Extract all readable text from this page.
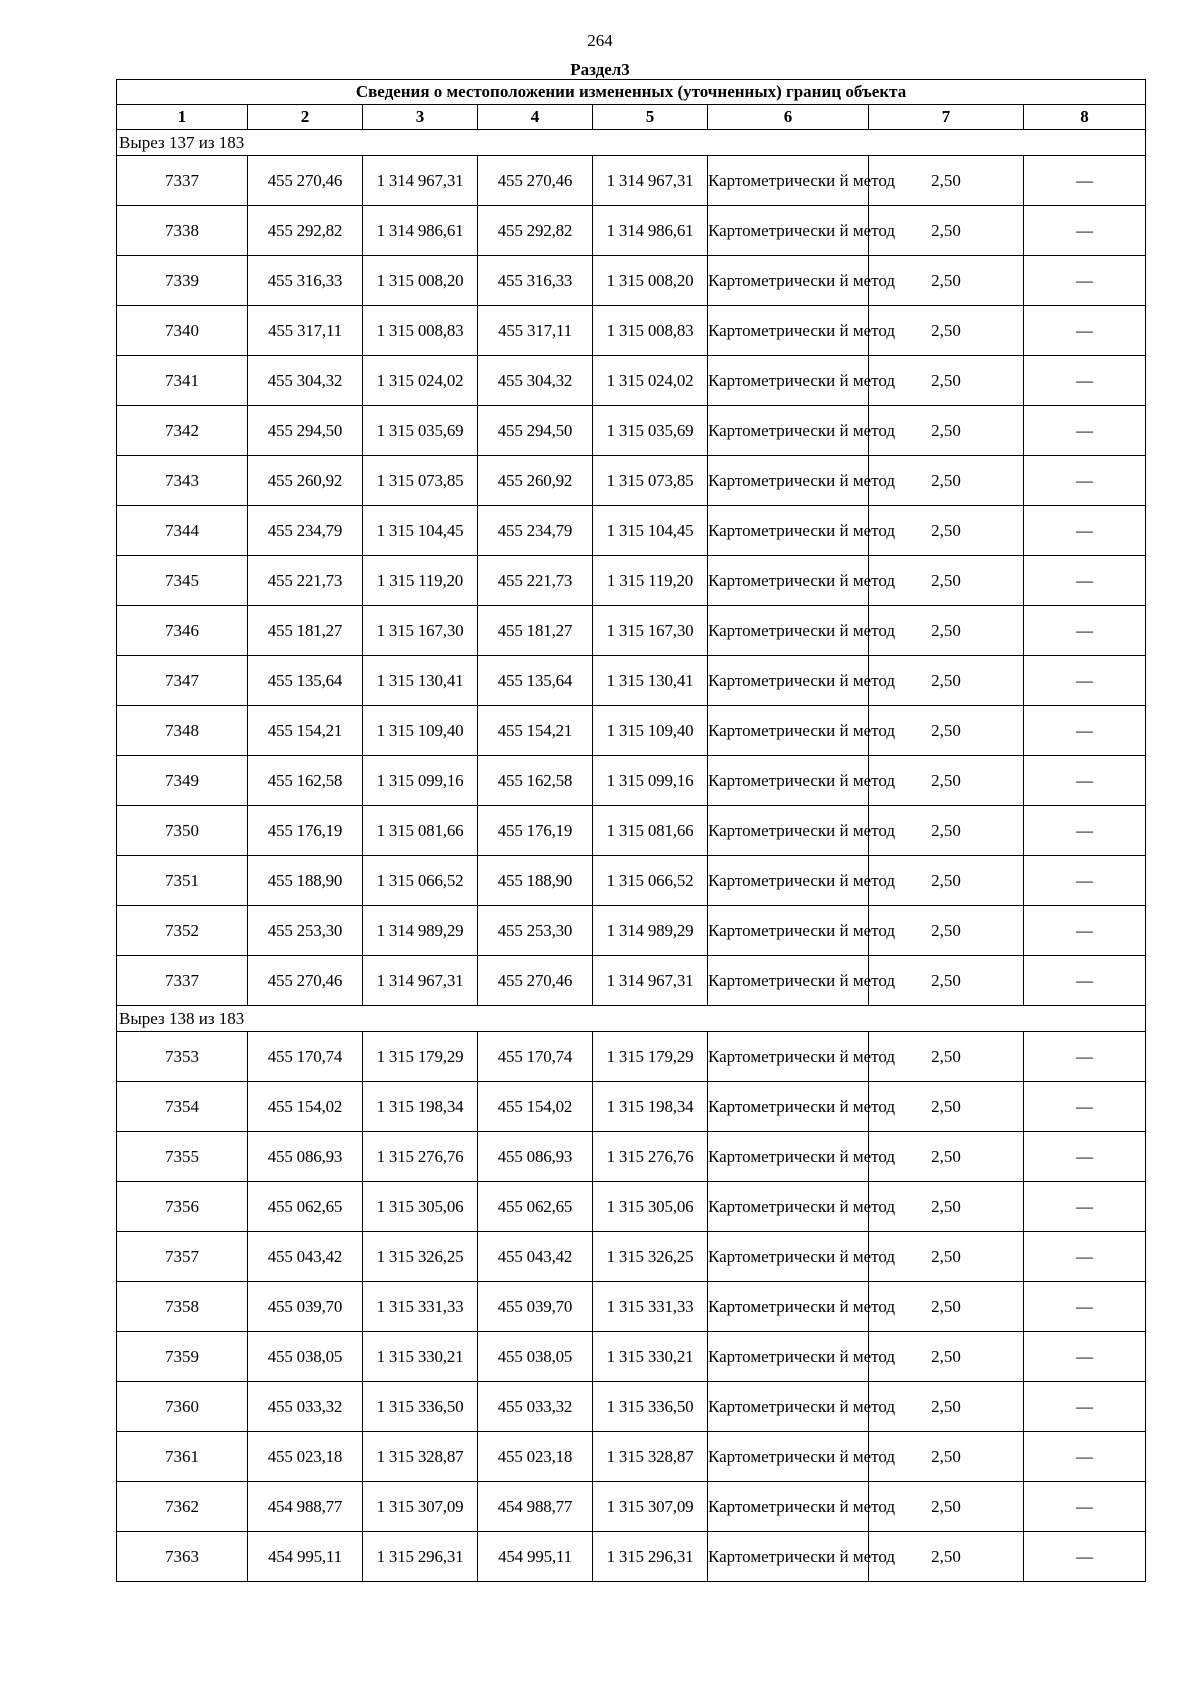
264
Раздел3
Сведения о местоположении измененных (уточненных) границ объекта							
1	2	3	4	5	6	7	8
Вырез 137 из 183							
7337	455 270,46	1 314 967,31	455 270,46	1 314 967,31	Картометрически й метод	2,50	—
7338	455 292,82	1 314 986,61	455 292,82	1 314 986,61	Картометрически й метод	2,50	—
7339	455 316,33	1 315 008,20	455 316,33	1 315 008,20	Картометрически й метод	2,50	—
7340	455 317,11	1 315 008,83	455 317,11	1 315 008,83	Картометрически й метод	2,50	—
7341	455 304,32	1 315 024,02	455 304,32	1 315 024,02	Картометрически й метод	2,50	—
7342	455 294,50	1 315 035,69	455 294,50	1 315 035,69	Картометрически й метод	2,50	—
7343	455 260,92	1 315 073,85	455 260,92	1 315 073,85	Картометрически й метод	2,50	—
7344	455 234,79	1 315 104,45	455 234,79	1 315 104,45	Картометрически й метод	2,50	—
7345	455 221,73	1 315 119,20	455 221,73	1 315 119,20	Картометрически й метод	2,50	—
7346	455 181,27	1 315 167,30	455 181,27	1 315 167,30	Картометрически й метод	2,50	—
7347	455 135,64	1 315 130,41	455 135,64	1 315 130,41	Картометрически й метод	2,50	—
7348	455 154,21	1 315 109,40	455 154,21	1 315 109,40	Картометрически й метод	2,50	—
7349	455 162,58	1 315 099,16	455 162,58	1 315 099,16	Картометрически й метод	2,50	—
7350	455 176,19	1 315 081,66	455 176,19	1 315 081,66	Картометрически й метод	2,50	—
7351	455 188,90	1 315 066,52	455 188,90	1 315 066,52	Картометрически й метод	2,50	—
7352	455 253,30	1 314 989,29	455 253,30	1 314 989,29	Картометрически й метод	2,50	—
7337	455 270,46	1 314 967,31	455 270,46	1 314 967,31	Картометрически й метод	2,50	—
Вырез 138 из 183							
7353	455 170,74	1 315 179,29	455 170,74	1 315 179,29	Картометрически й метод	2,50	—
7354	455 154,02	1 315 198,34	455 154,02	1 315 198,34	Картометрически й метод	2,50	—
7355	455 086,93	1 315 276,76	455 086,93	1 315 276,76	Картометрически й метод	2,50	—
7356	455 062,65	1 315 305,06	455 062,65	1 315 305,06	Картометрически й метод	2,50	—
7357	455 043,42	1 315 326,25	455 043,42	1 315 326,25	Картометрически й метод	2,50	—
7358	455 039,70	1 315 331,33	455 039,70	1 315 331,33	Картометрически й метод	2,50	—
7359	455 038,05	1 315 330,21	455 038,05	1 315 330,21	Картометрически й метод	2,50	—
7360	455 033,32	1 315 336,50	455 033,32	1 315 336,50	Картометрически й метод	2,50	—
7361	455 023,18	1 315 328,87	455 023,18	1 315 328,87	Картометрически й метод	2,50	—
7362	454 988,77	1 315 307,09	454 988,77	1 315 307,09	Картометрически й метод	2,50	—
7363	454 995,11	1 315 296,31	454 995,11	1 315 296,31	Картометрически й метод	2,50	—
